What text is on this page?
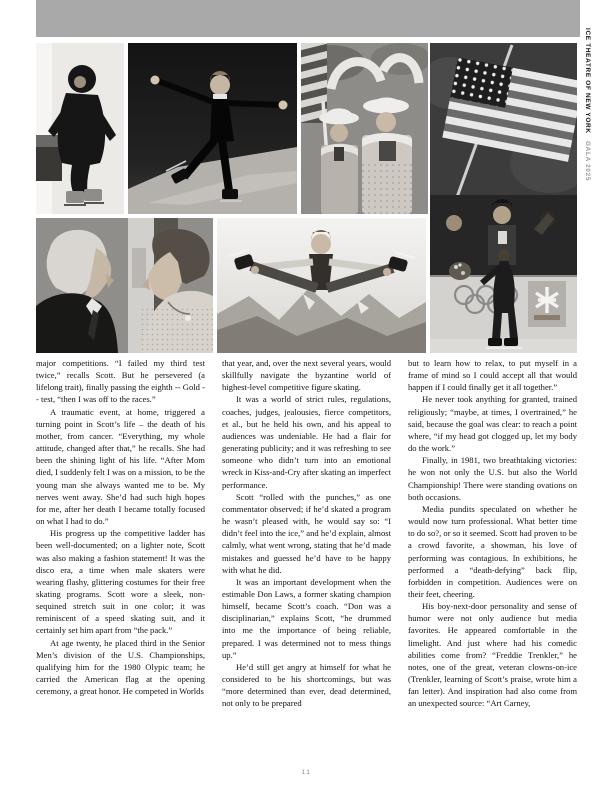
ICE THEATRE OF NEW YORK GALA 2025

major competitions. “I failed my third test twice,” recalls Scott. But he persevered (a lifelong trait), finally passing the eighth -- Gold -- test, “then I was off to the races.”

A traumatic event, at home, triggered a turning point in Scott’s life – the death of his mother, from cancer. “Everything, my whole attitude, changed after that,” he recalls. She had been the shining light of his life. “After Mom died, I suddenly felt I was on a mission, to be the young man she always wanted me to be. My nerves went away. She’d had such high hopes for me, after her death I became totally focused on what I had to do.”

His progress up the competitive ladder has been well-documented; on a lighter note, Scott was also making a fashion statement! It was the disco era, a time when male skaters were wearing flashy, glittering costumes for their free skating programs. Scott wore a sleek, non-sequined stretch suit in one color; it was reminiscent of a speed skating suit, and it certainly set him apart from “the pack.”

At age twenty, he placed third in the Senior Men’s division of the U.S. Championships, qualifying him for the 1980 Olypic team; he carried the American flag at the opening ceremony, a great honor. He competed in Worlds

that year, and, over the next several years, would skillfully navigate the byzantine world of highest-level competitive figure skating.

It was a world of strict rules, regulations, coaches, judges, jealousies, fierce competitors, et al., but he held his own, and his appeal to audiences was undeniable. He had a flair for generating publicity; and it was refreshing to see someone who didn’t turn into an emotional wreck in Kiss-and-Cry after skating an imperfect performance.

Scott “rolled with the punches,” as one commentator observed; if he’d skated a program he wasn’t pleased with, he would say so: “I didn’t feel into the ice,” and he’d explain, almost calmly, what went wrong, stating that he’d made mistakes and guessed he’d have to be happy with what he did.

It was an important development when the estimable Don Laws, a former skating champion himself, became Scott’s coach. “Don was a disciplinarian,” explains Scott, “he drummed into me the importance of being reliable, prepared. I was determined not to mess things up.”

He’d still get angry at himself for what he considered to be his shortcomings, but was “more determined than ever, dead determined, not only to be prepared

but to learn how to relax, to put myself in a frame of mind so I could accept all that would happen if I could finally get it all together.”

He never took anything for granted, trained religiously; “maybe, at times, I overtrained,” he said, because the goal was clear: to reach a point where, “if my head got clogged up, let my body do the work.”

Finally, in 1981, two breathtaking victories: he won not only the U.S. but also the World Championship! There were standing ovations on both occasions.

Media pundits speculated on whether he would now turn professional. What better time to do so?, or so it seemed. Scott had proven to be a crowd favorite, a showman, his love of performing was contagious. In exhibitions, he performed a “death-defying” back flip, forbidden in competition. Audiences were on their feet, cheering.

His boy-next-door personality and sense of humor were not only audience but media favorites. He appeared comfortable in the limelight. And just where had his comedic abilities come from? “Freddie Trenkler,” he notes, one of the great, veteran clowns-on-ice (Trenkler, learning of Scott’s praise, wrote him a fan letter). And inspiration had also come from an unexpected source: “Art Carney,

11
